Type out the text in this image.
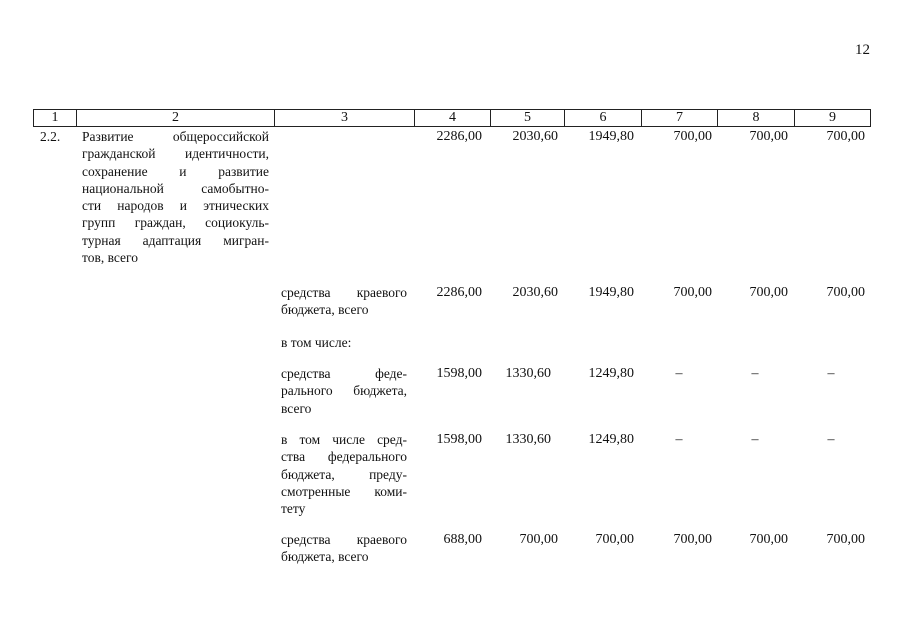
12
1	2	3	4	5	6	7	8	9
2.2. Развитие общероссийской
гражданской идентичности,
сохранение и развитие
национальной самобытно-
сти народов и этнических
групп граждан, социокуль-
турная адаптация мигран-
тов, всего
2286,00	2030,60	1949,80	700,00	700,00	700,00
средства краевого
бюджета, всего
2286,00	2030,60	1949,80	700,00	700,00	700,00
в том числе:
средства феде-
рального бюджета,
всего
1598,00	1330,60	1249,80	–	–	–
в том числе сред-
ства федерального
бюджета, преду-
смотренные коми-
тету
1598,00	1330,60	1249,80	–	–	–
средства краевого
бюджета, всего
688,00	700,00	700,00	700,00	700,00	700,00
